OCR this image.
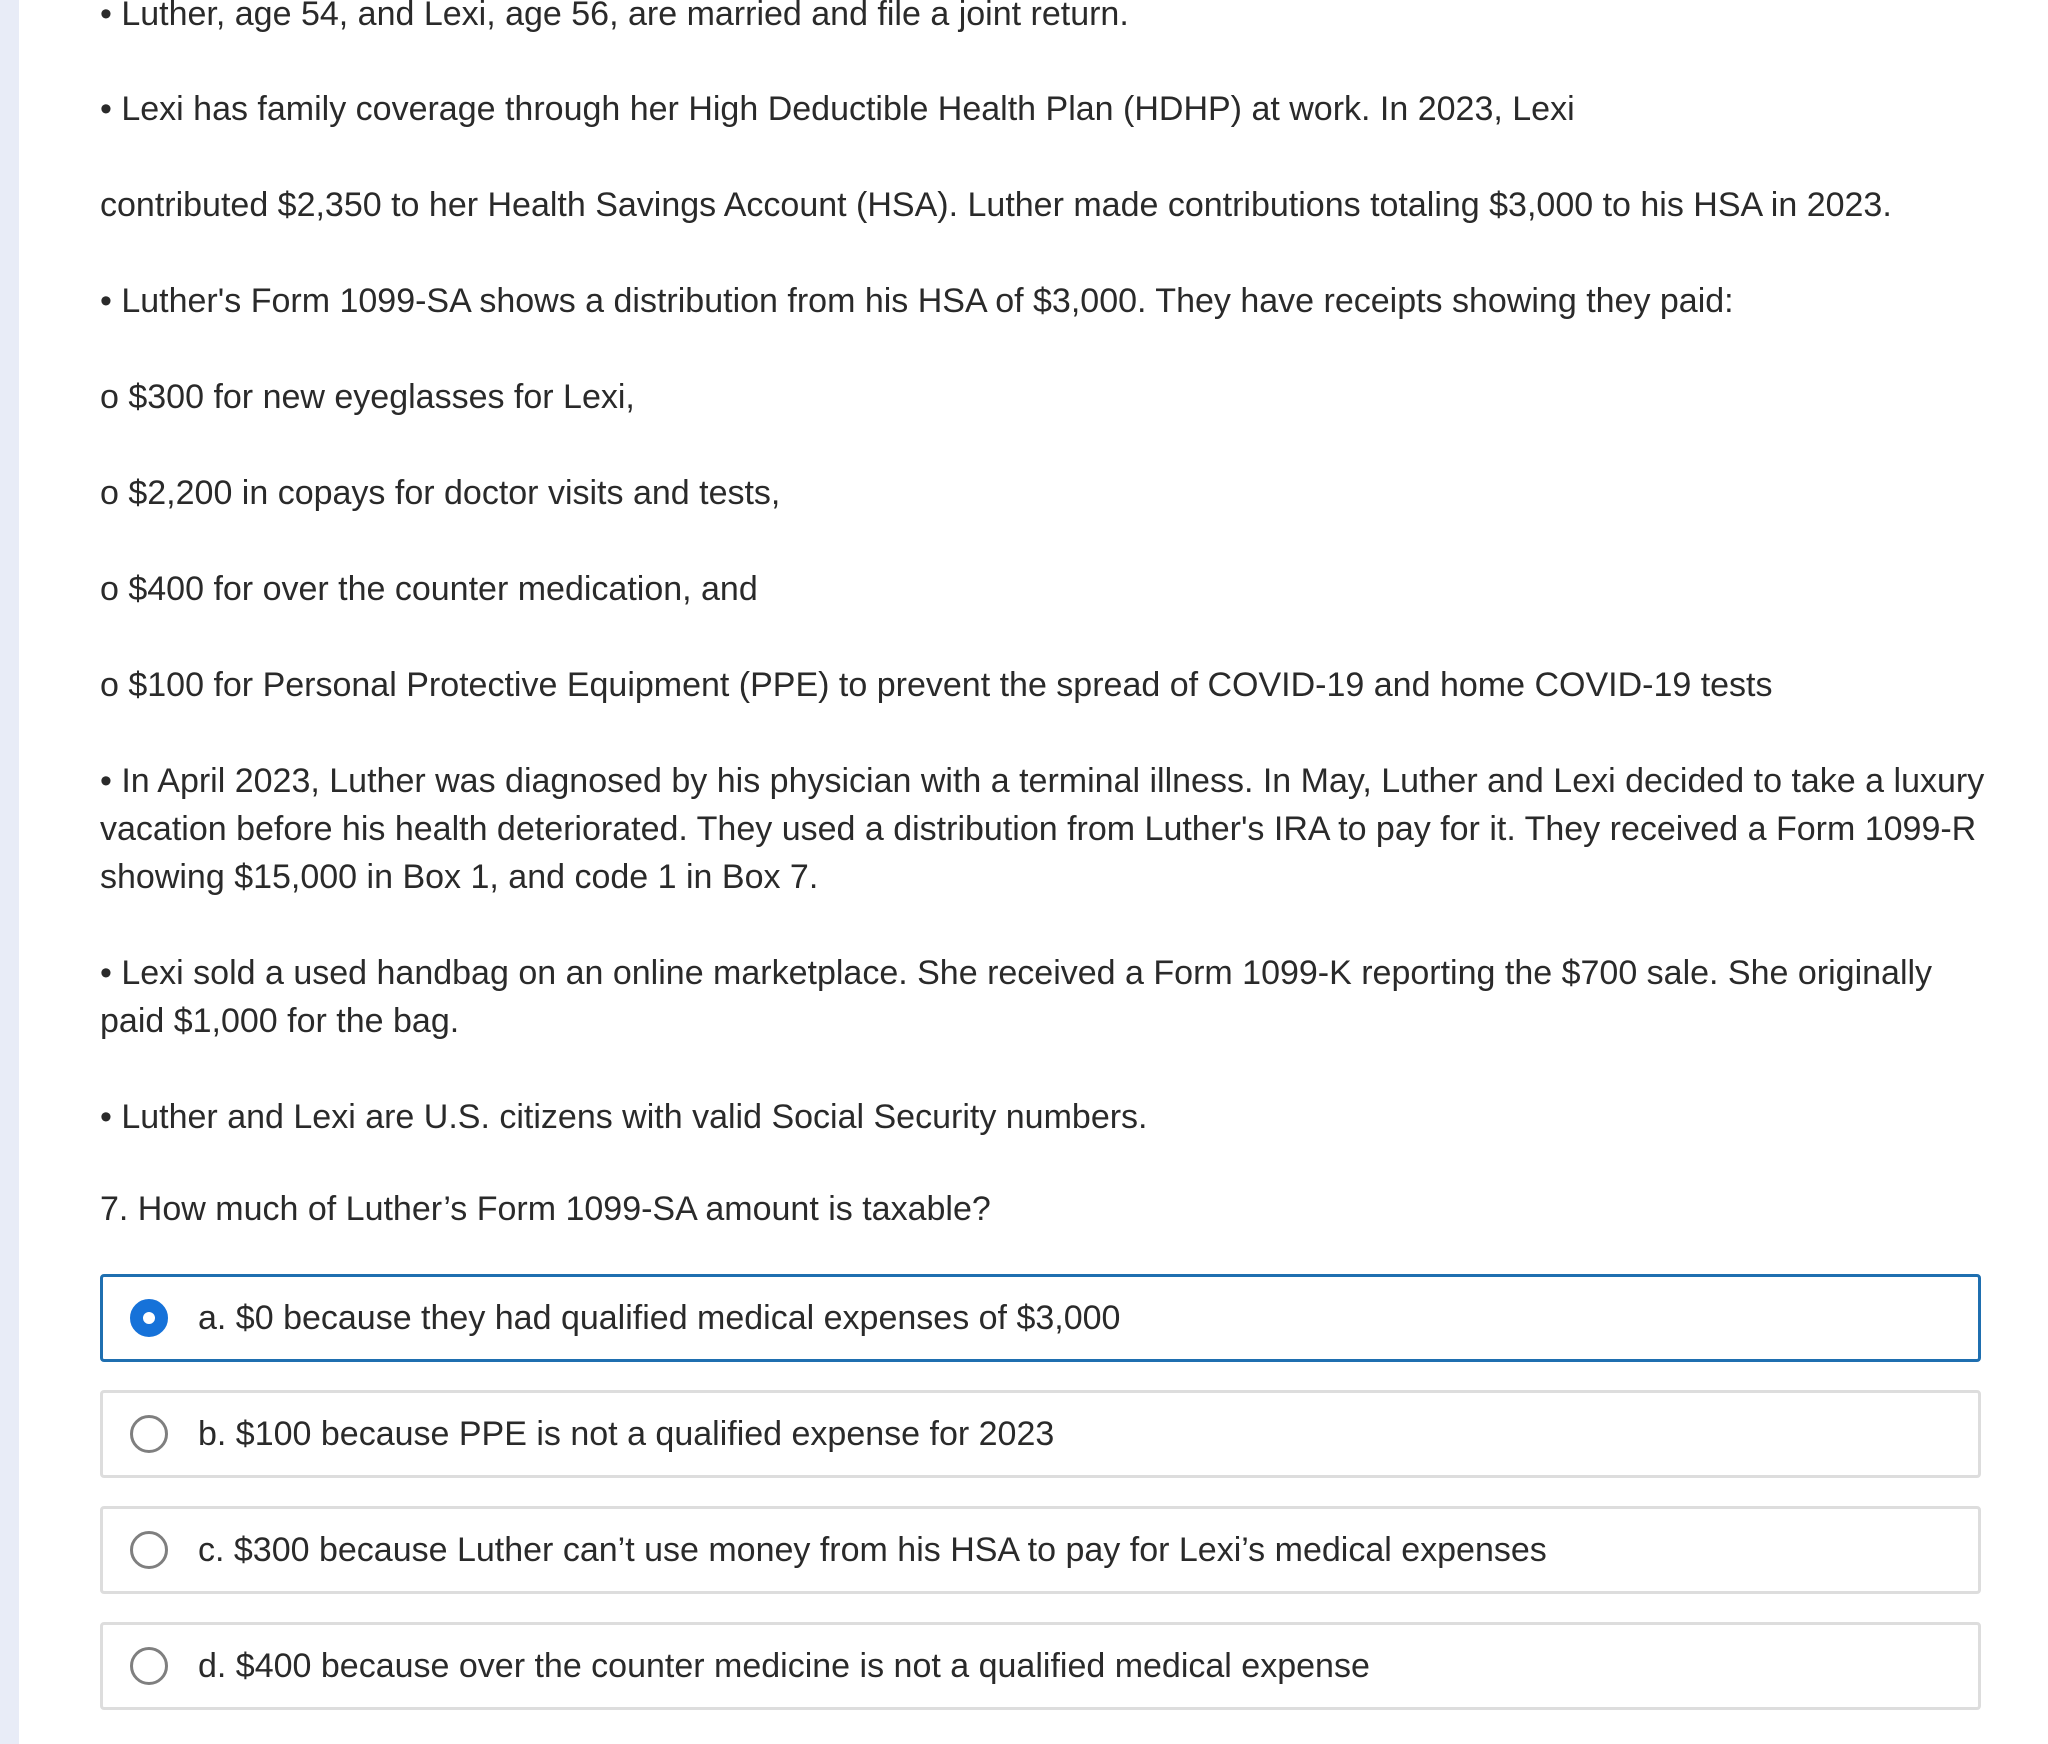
• Luther, age 54, and Lexi, age 56, are married and file a joint return.

• Lexi has family coverage through her High Deductible Health Plan (HDHP) at work. In 2023, Lexi

contributed $2,350 to her Health Savings Account (HSA). Luther made contributions totaling $3,000 to his HSA in 2023.

• Luther's Form 1099-SA shows a distribution from his HSA of $3,000. They have receipts showing they paid:

o $300 for new eyeglasses for Lexi,

o $2,200 in copays for doctor visits and tests,

o $400 for over the counter medication, and

o $100 for Personal Protective Equipment (PPE) to prevent the spread of COVID-19 and home COVID-19 tests

• In April 2023, Luther was diagnosed by his physician with a terminal illness. In May, Luther and Lexi decided to take a luxury vacation before his health deteriorated. They used a distribution from Luther's IRA to pay for it. They received a Form 1099-R showing $15,000 in Box 1, and code 1 in Box 7.

• Lexi sold a used handbag on an online marketplace. She received a Form 1099-K reporting the $700 sale. She originally paid $1,000 for the bag.

• Luther and Lexi are U.S. citizens with valid Social Security numbers.

7. How much of Luther’s Form 1099-SA amount is taxable?

a. $0 because they had qualified medical expenses of $3,000
b. $100 because PPE is not a qualified expense for 2023
c. $300 because Luther can’t use money from his HSA to pay for Lexi’s medical expenses
d. $400 because over the counter medicine is not a qualified medical expense
